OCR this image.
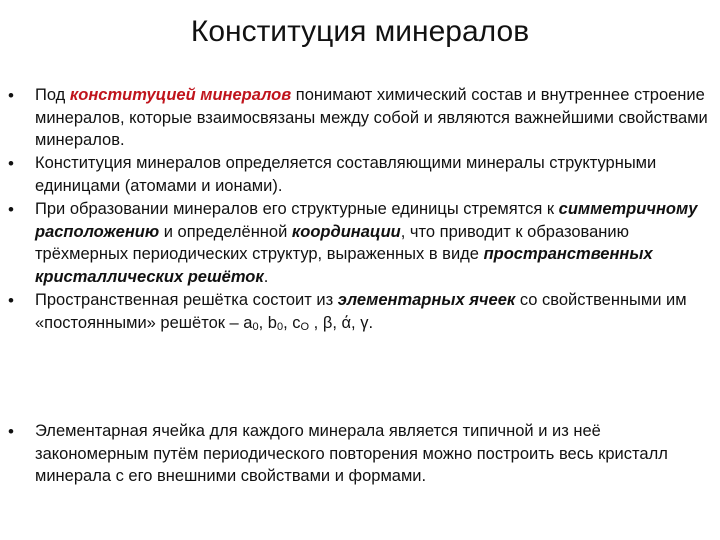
Конституция минералов
• Под конституцией минералов понимают химический состав и внутреннее строение минералов, которые взаимосвязаны между собой и являются важнейшими свойствами минералов.
• Конституция минералов определяется составляющими минералы структурными единицами (атомами и ионами).
• При образовании минералов его структурные единицы стремятся к симметричному расположению и определённой координации, что приводит к образованию трёхмерных периодических структур, выраженных в виде пространственных кристаллических решёток.
• Пространственная решётка состоит из элементарных ячеек со свойственными им «постоянными» решёток – $a_0$, $b_0$, $c_O$ , β, ά, γ.
• Элементарная ячейка для каждого минерала является типичной и из неё закономерным путём периодического повторения можно построить весь кристалл минерала с его внешними свойствами и формами.
